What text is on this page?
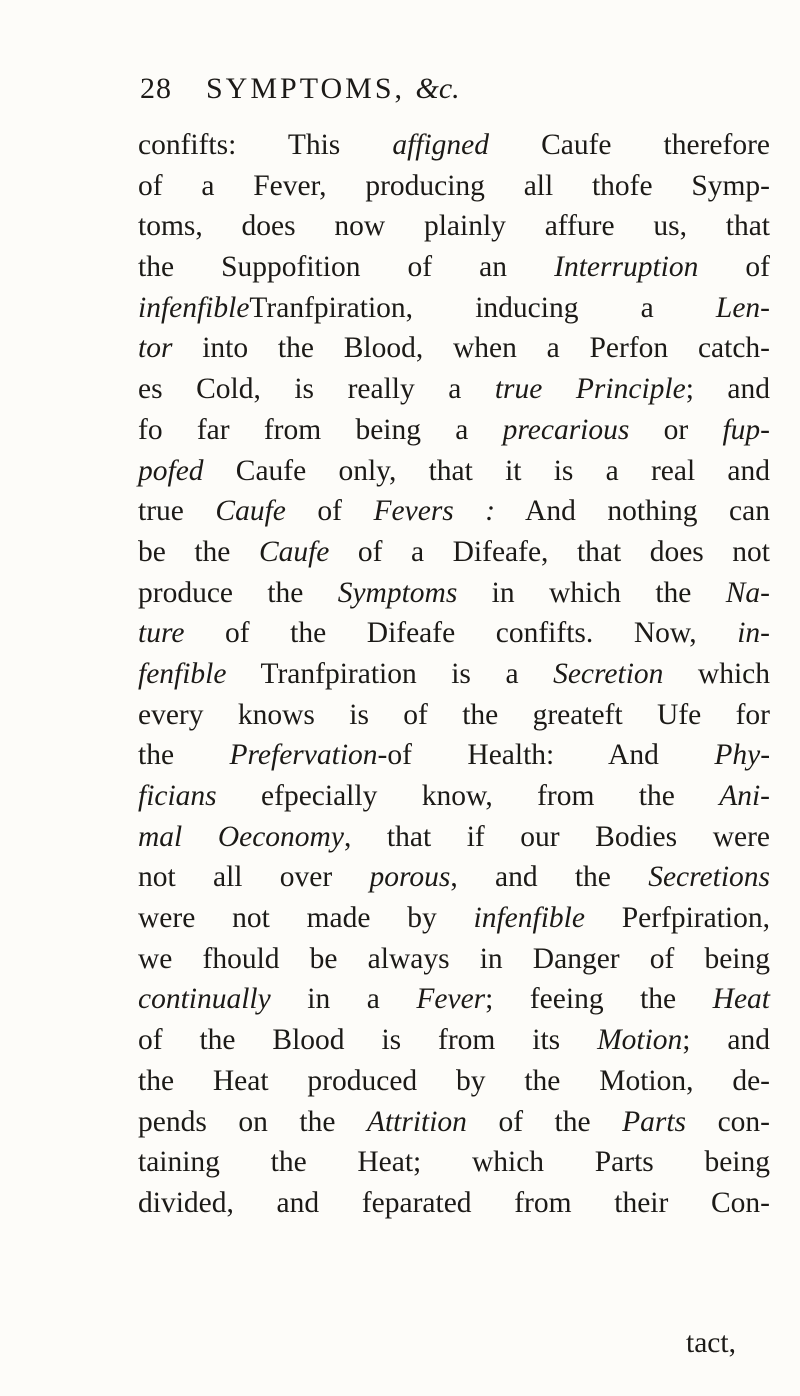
28 SYMPTOMS, &c.
confifts: This affigned Caufe therefore
of a Fever, producing all thofe Symp-
toms, does now plainly affure us, that
the Suppofition of an Interruption of
infenfibleTranfpiration, inducing a Len-
tor into the Blood, when a Perfon catch-
es Cold, is really a true Principle; and
fo far from being a precarious or fup-
pofed Caufe only, that it is a real and
true Caufe of Fevers : And nothing can
be the Caufe of a Difeafe, that does not
produce the Symptoms in which the Na-
ture of the Difeafe confifts. Now, in-
fenfible Tranfpiration is a Secretion which
every knows is of the greateft Ufe for
the Prefervation-of Health: And Phy-
ficians efpecially know, from the Ani-
mal Oeconomy, that if our Bodies were
not all over porous, and the Secretions
were not made by infenfible Perfpiration,
we fhould be always in Danger of being
continually in a Fever; feeing the Heat
of the Blood is from its Motion; and
the Heat produced by the Motion, de-
pends on the Attrition of the Parts con-
taining the Heat; which Parts being
divided, and feparated from their Con-
tact,
